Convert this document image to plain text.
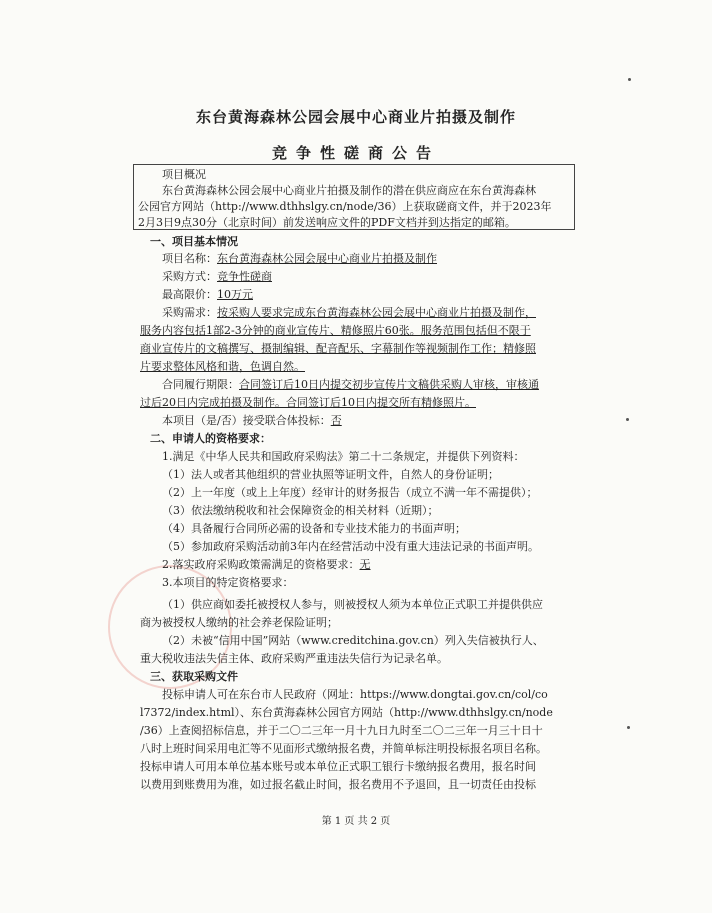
东台黄海森林公园会展中心商业片拍摄及制作
竞争性磋商公告

项目概况

东台黄海森林公园会展中心商业片拍摄及制作的潜在供应商应在东台黄海森林

公园官方网站（http://www.dthhslgy.cn/node/36）上获取磋商文件，并于2023年

2月3日9点30分（北京时间）前发送响应文件的PDF文档并到达指定的邮箱。

一、项目基本情况
项目名称：东台黄海森林公园会展中心商业片拍摄及制作
采购方式：竞争性磋商
最高限价：10万元
采购需求：按采购人要求完成东台黄海森林公园会展中心商业片拍摄及制作，
服务内容包括1部2-3分钟的商业宣传片、精修照片60张。服务范围包括但不限于
商业宣传片的文稿撰写、摄制编辑、配音配乐、字幕制作等视频制作工作；精修照
片要求整体风格和谐，色调自然。
合同履行期限：合同签订后10日内提交初步宣传片文稿供采购人审核，审核通
过后20日内完成拍摄及制作。合同签订后10日内提交所有精修照片。
本项目（是/否）接受联合体投标：否
二、申请人的资格要求：
1.满足《中华人民共和国政府采购法》第二十二条规定，并提供下列资料：
（1）法人或者其他组织的营业执照等证明文件，自然人的身份证明；
（2）上一年度（或上上年度）经审计的财务报告（成立不满一年不需提供）；
（3）依法缴纳税收和社会保障资金的相关材料（近期）；
（4）具备履行合同所必需的设备和专业技术能力的书面声明；
（5）参加政府采购活动前3年内在经营活动中没有重大违法记录的书面声明。
2.落实政府采购政策需满足的资格要求：无
3.本项目的特定资格要求：
（1）供应商如委托被授权人参与，则被授权人须为本单位正式职工并提供供应
商为被授权人缴纳的社会养老保险证明；
（2）未被“信用中国”网站（www.creditchina.gov.cn）列入失信被执行人、
重大税收违法失信主体、政府采购严重违法失信行为记录名单。
三、获取采购文件
投标申请人可在东台市人民政府（网址：https://www.dongtai.gov.cn/col/co
l7372/index.html）、东台黄海森林公园官方网站（http://www.dthhslgy.cn/node
/36）上查阅招标信息，并于二〇二三年一月十九日九时至二〇二三年一月三十日十
八时上班时间采用电汇等不见面形式缴纳报名费，并简单标注明投标报名项目名称。
投标申请人可用本单位基本账号或本单位正式职工银行卡缴纳报名费用，报名时间
以费用到账费用为准，如过报名截止时间，报名费用不予退回，且一切责任由投标
第 1 页 共 2 页
